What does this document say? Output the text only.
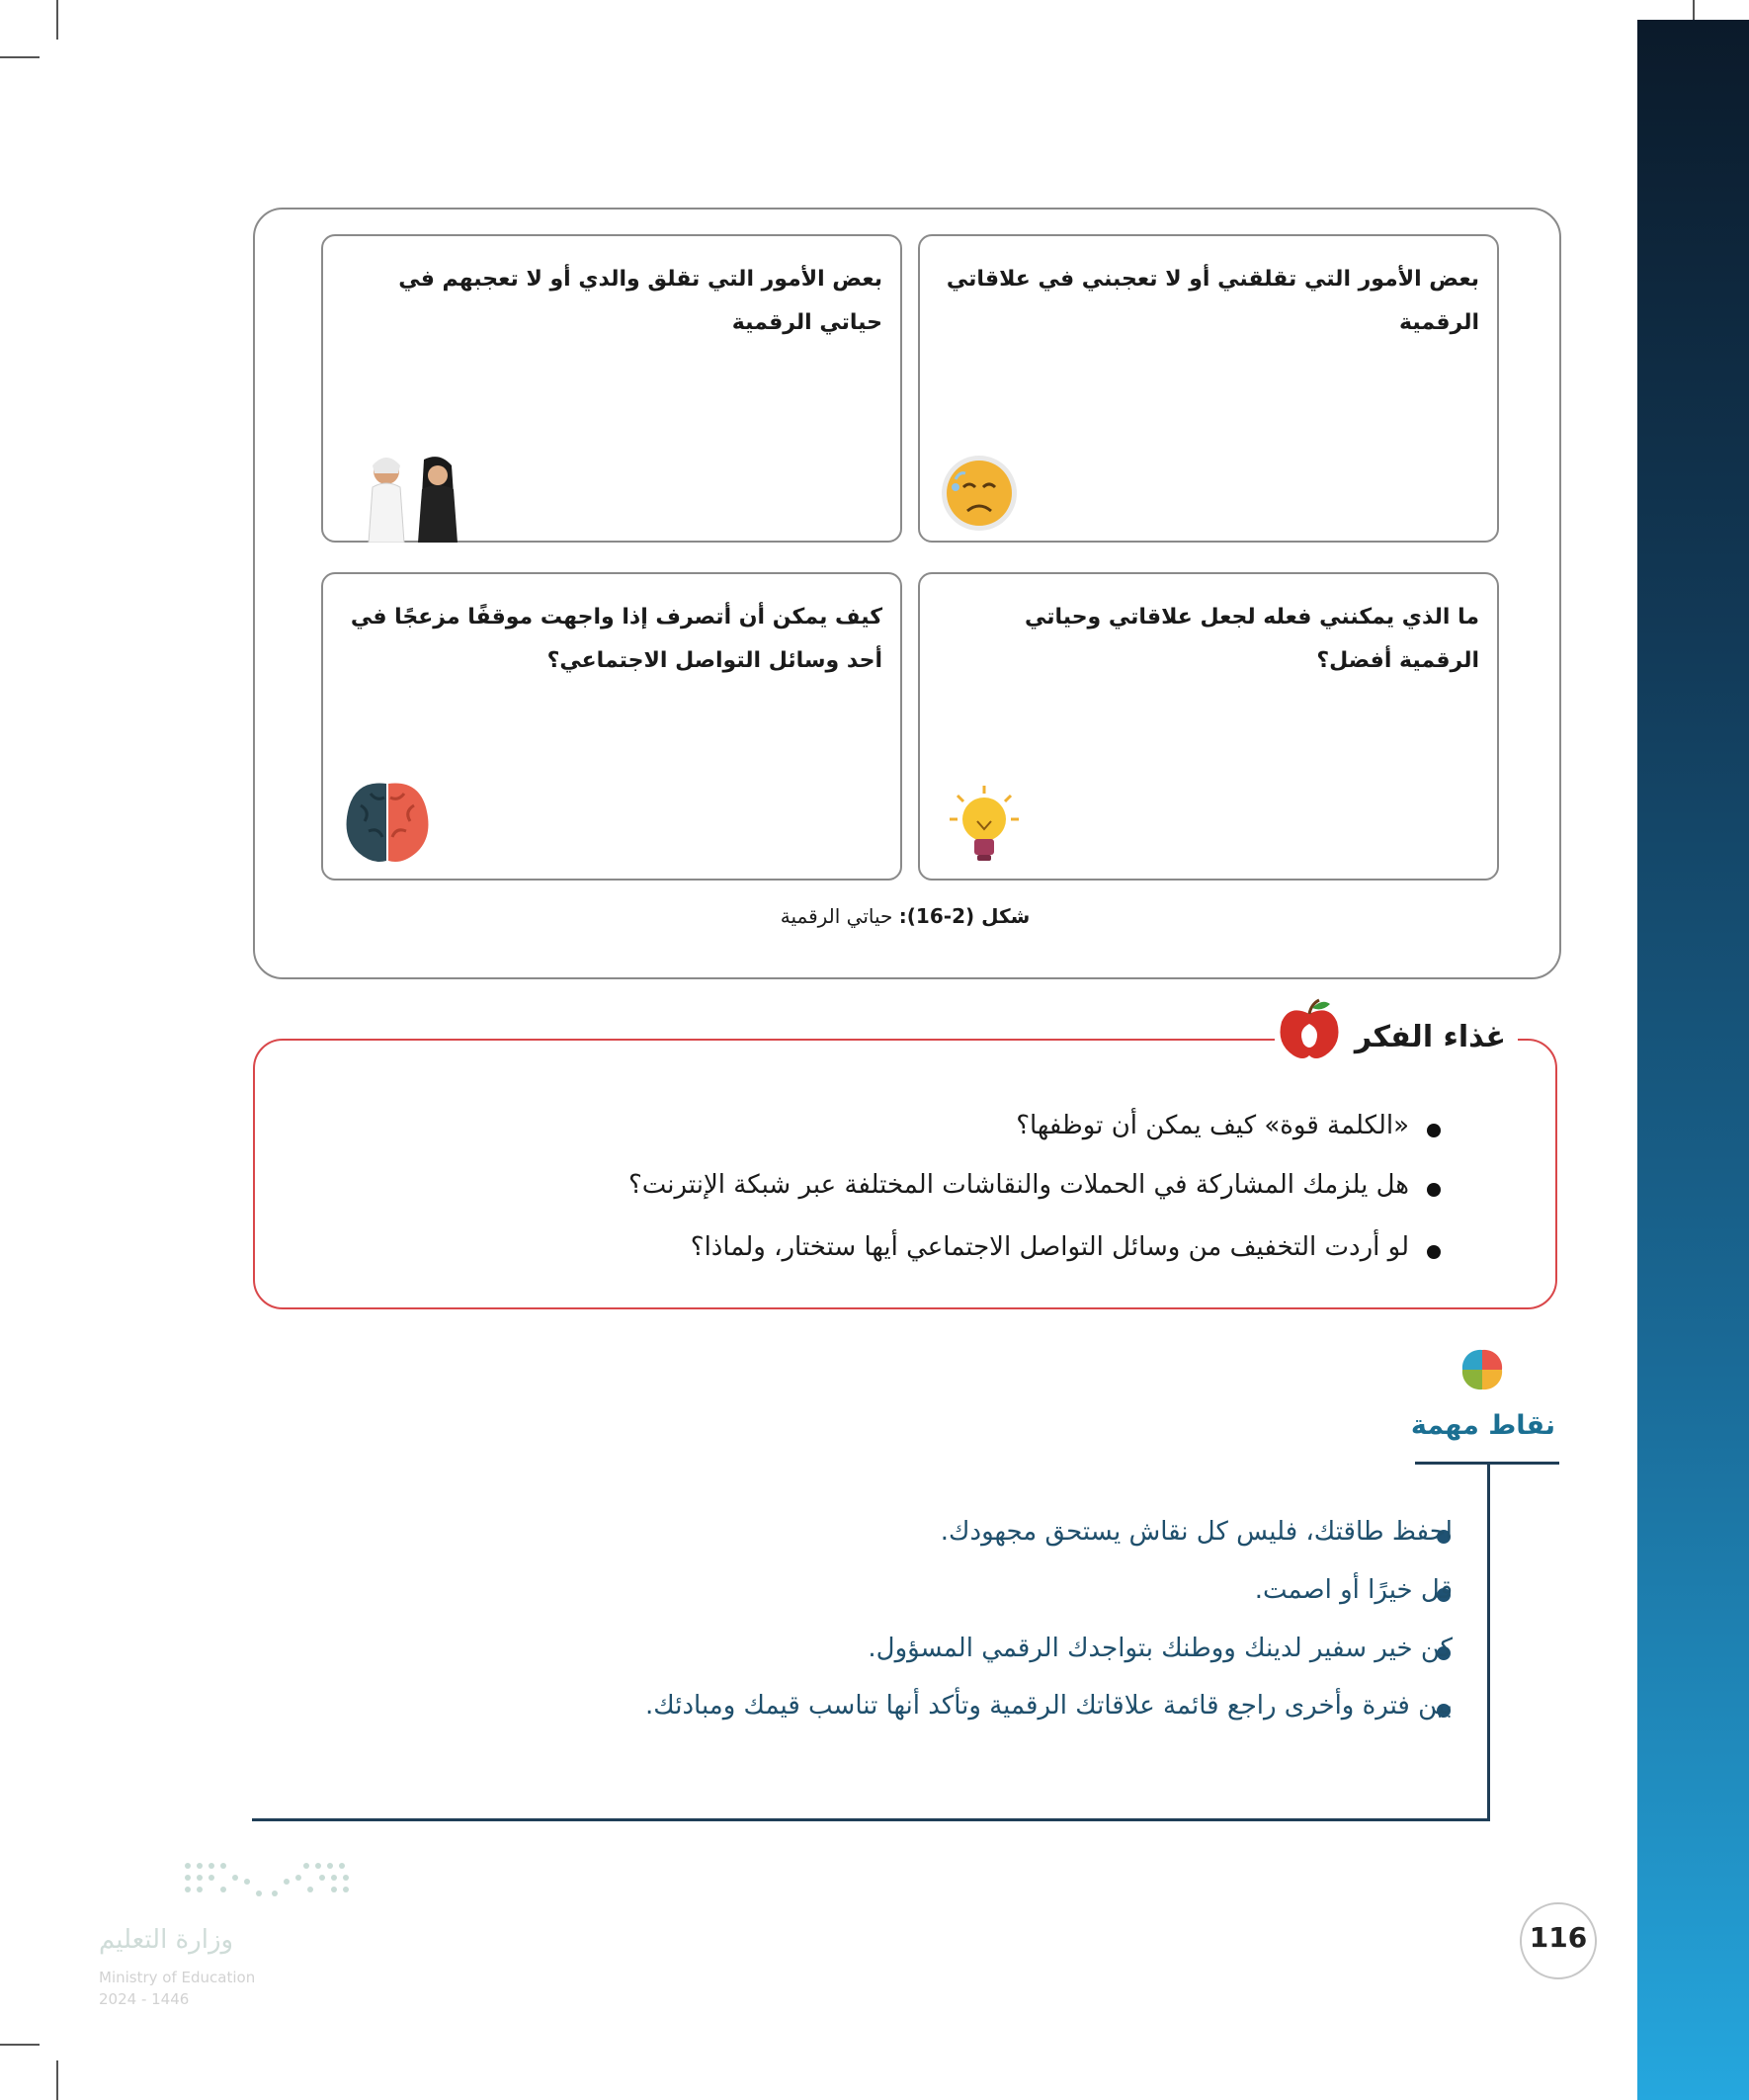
بعض الأمور التي تقلقني أو لا تعجبني في علاقاتي الرقمية
بعض الأمور التي تقلق والدي أو لا تعجبهم في حياتي الرقمية
ما الذي يمكنني فعله لجعل علاقاتي وحياتي الرقمية أفضل؟
كيف يمكن أن أتصرف إذا واجهت موقفًا مزعجًا في أحد وسائل التواصل الاجتماعي؟
شكل (2-16): حياتي الرقمية
غذاء الفكر
«الكلمة قوة» كيف يمكن أن توظفها؟
هل يلزمك المشاركة في الحملات والنقاشات المختلفة عبر شبكة الإنترنت؟
لو أردت التخفيف من وسائل التواصل الاجتماعي أيها ستختار، ولماذا؟
نقاط مهمة
احفظ طاقتك، فليس كل نقاش يستحق مجهودك.
قل خيرًا أو اصمت.
كن خير سفير لدينك ووطنك بتواجدك الرقمي المسؤول.
بين فترة وأخرى راجع قائمة علاقاتك الرقمية وتأكد أنها تناسب قيمك ومبادئك.
116
وزارة التعليم
Ministry of Education
2024 - 1446
